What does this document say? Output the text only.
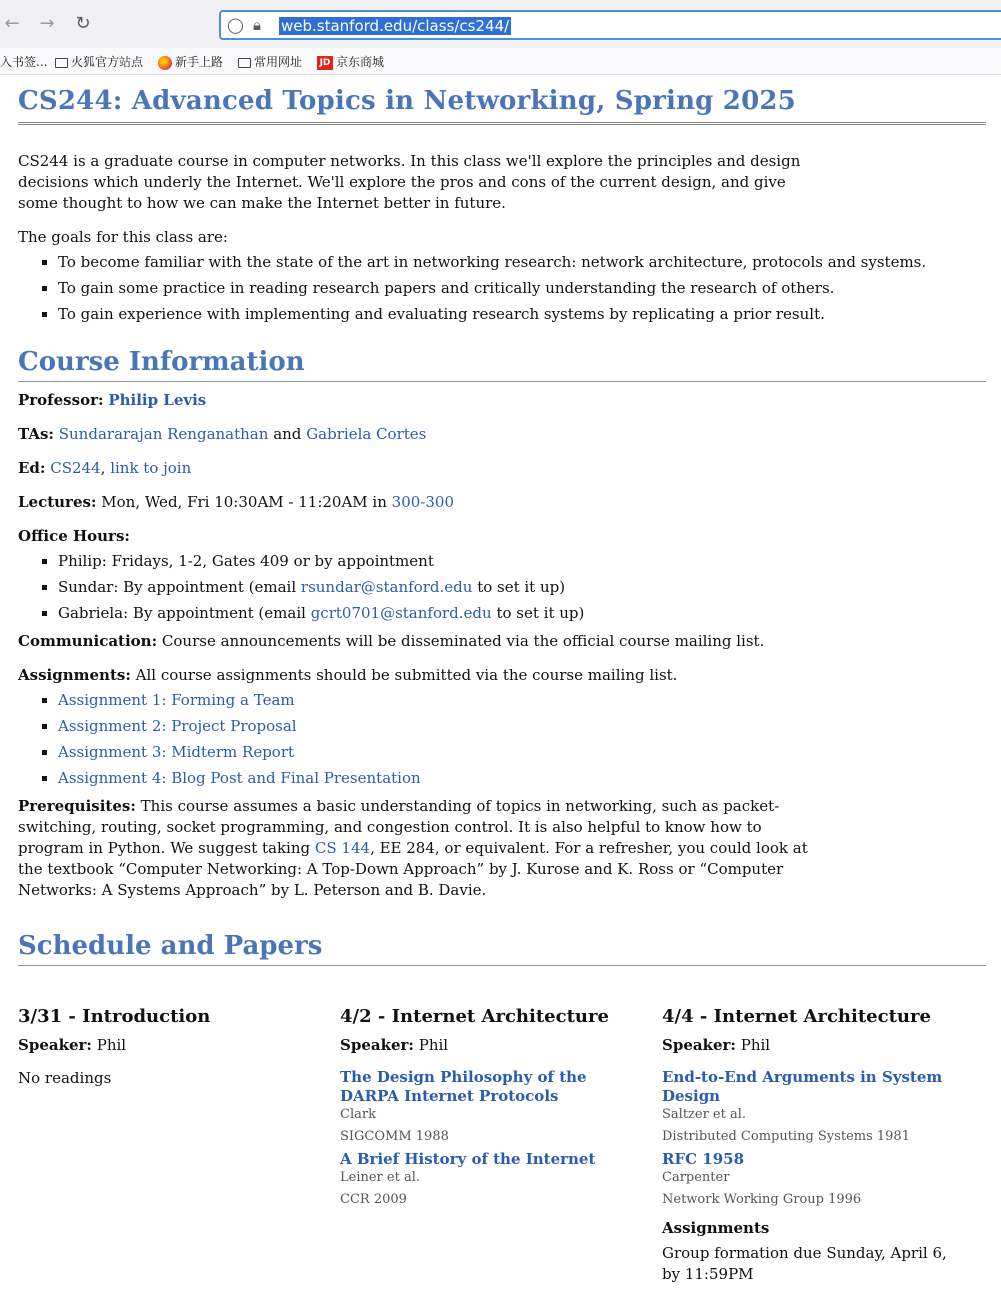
← → ↻	◯ 🔒︎ web.stanford.edu/class/cs244/
入书签...	火狐官方站点	新手上路	常用网址 JD 京东商城
CS244: Advanced Topics in Networking, Spring 2025

CS244 is a graduate course in computer networks. In this class we'll explore the principles and design decisions which underly the Internet. We'll explore the pros and cons of the current design, and give some thought to how we can make the Internet better in future.

The goals for this class are:

▪ To become familiar with the state of the art in networking research: network architecture, protocols and systems.
▪ To gain some practice in reading research papers and critically understanding the research of others.
▪ To gain experience with implementing and evaluating research systems by replicating a prior result.
Course Information

Professor: Philip Levis

TAs: Sundararajan Renganathan and Gabriela Cortes

Ed: CS244, link to join

Lectures: Mon, Wed, Fri 10:30AM - 11:20AM in 300-300

Office Hours:

▪ Philip: Fridays, 1-2, Gates 409 or by appointment
▪ Sundar: By appointment (email rsundar@stanford.edu to set it up)
▪ Gabriela: By appointment (email gcrt0701@stanford.edu to set it up)

Communication: Course announcements will be disseminated via the official course mailing list.

Assignments: All course assignments should be submitted via the course mailing list.

▪ Assignment 1: Forming a Team
▪ Assignment 2: Project Proposal
▪ Assignment 3: Midterm Report
▪ Assignment 4: Blog Post and Final Presentation

Prerequisites: This course assumes a basic understanding of topics in networking, such as packet-switching, routing, socket programming, and congestion control. It is also helpful to know how to program in Python. We suggest taking CS 144, EE 284, or equivalent. For a refresher, you could look at the textbook “Computer Networking: A Top-Down Approach” by J. Kurose and K. Ross or “Computer Networks: A Systems Approach” by L. Peterson and B. Davie.

Schedule and Papers
3/31 - Introduction

Speaker: Phil

No readings

4/2 - Internet Architecture

Speaker: Phil

The Design Philosophy of the DARPA Internet Protocols
Clark
SIGCOMM 1988
A Brief History of the Internet
Leiner et al.
CCR 2009
4/4 - Internet Architecture

Speaker: Phil

End-to-End Arguments in System Design
Saltzer et al.
Distributed Computing Systems 1981
RFC 1958
Carpenter
Network Working Group 1996
Assignments

Group formation due Sunday, April 6, by 11:59PM
